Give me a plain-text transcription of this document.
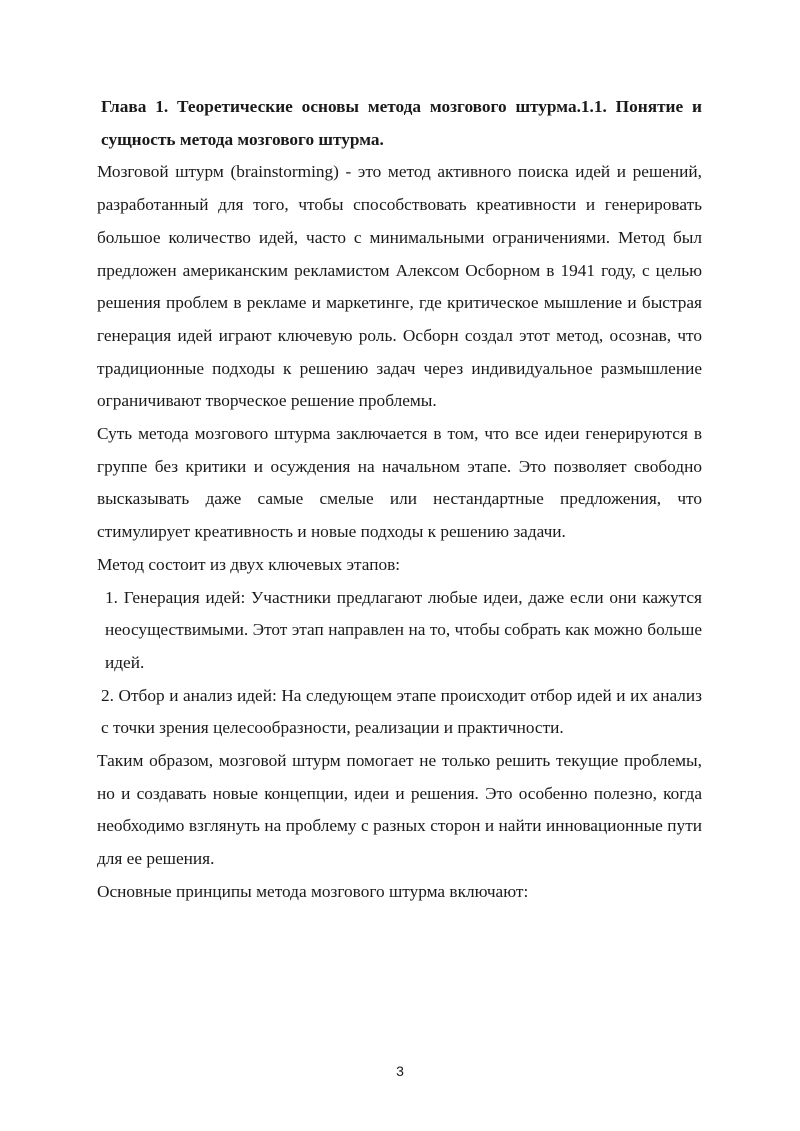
Глава 1. Теоретические основы метода мозгового штурма.1.1. Понятие и сущность метода мозгового штурма.

Мозговой штурм (brainstorming) - это метод активного поиска идей и решений, разработанный для того, чтобы способствовать креативности и генерировать большое количество идей, часто с минимальными ограничениями. Метод был предложен американским рекламистом Алексом Осборном в 1941 году, с целью решения проблем в рекламе и маркетинге, где критическое мышление и быстрая генерация идей играют ключевую роль. Осборн создал этот метод, осознав, что традиционные подходы к решению задач через индивидуальное размышление ограничивают творческое решение проблемы.

Суть метода мозгового штурма заключается в том, что все идеи генерируются в группе без критики и осуждения на начальном этапе. Это позволяет свободно высказывать даже самые смелые или нестандартные предложения, что стимулирует креативность и новые подходы к решению задачи.

Метод состоит из двух ключевых этапов:

1. Генерация идей: Участники предлагают любые идеи, даже если они кажутся неосуществимыми. Этот этап направлен на то, чтобы собрать как можно больше идей.

2. Отбор и анализ идей: На следующем этапе происходит отбор идей и их анализ с точки зрения целесообразности, реализации и практичности.

Таким образом, мозговой штурм помогает не только решить текущие проблемы, но и создавать новые концепции, идеи и решения. Это особенно полезно, когда необходимо взглянуть на проблему с разных сторон и найти инновационные пути для ее решения.

Основные принципы метода мозгового штурма включают:

3
